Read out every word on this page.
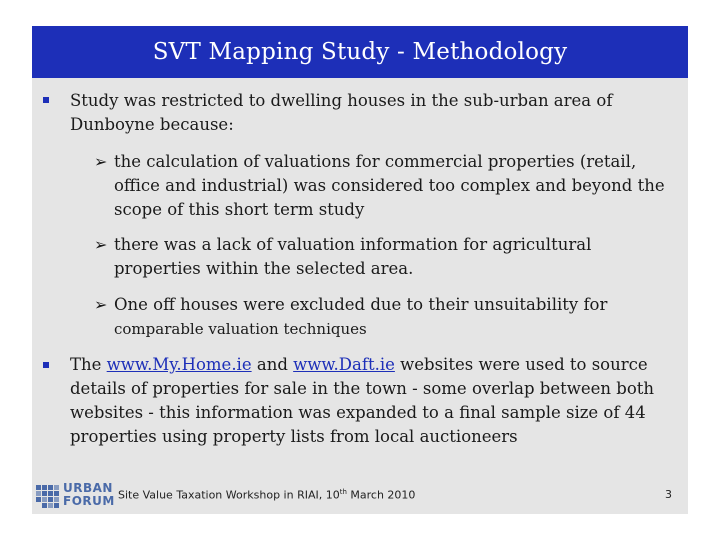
SVT Mapping Study - Methodology
Study was restricted to dwelling houses in the sub-urban area of Dunboyne because:
➢ the calculation of valuations for commercial properties (retail, office and industrial) was considered too complex and beyond the scope of this short term study
➢ there was a lack of valuation information for agricultural properties within the selected area.
➢ One off houses were excluded due to their unsuitability for
comparable valuation techniques
The www.My.Home.ie and www.Daft.ie websites were used to source details of properties for sale in the town - some overlap between both websites - this information was expanded to a final sample size of 44 properties using property lists from local auctioneers
URBAN
FORUM Site Value Taxation Workshop in RIAI, 10th March 2010	3
